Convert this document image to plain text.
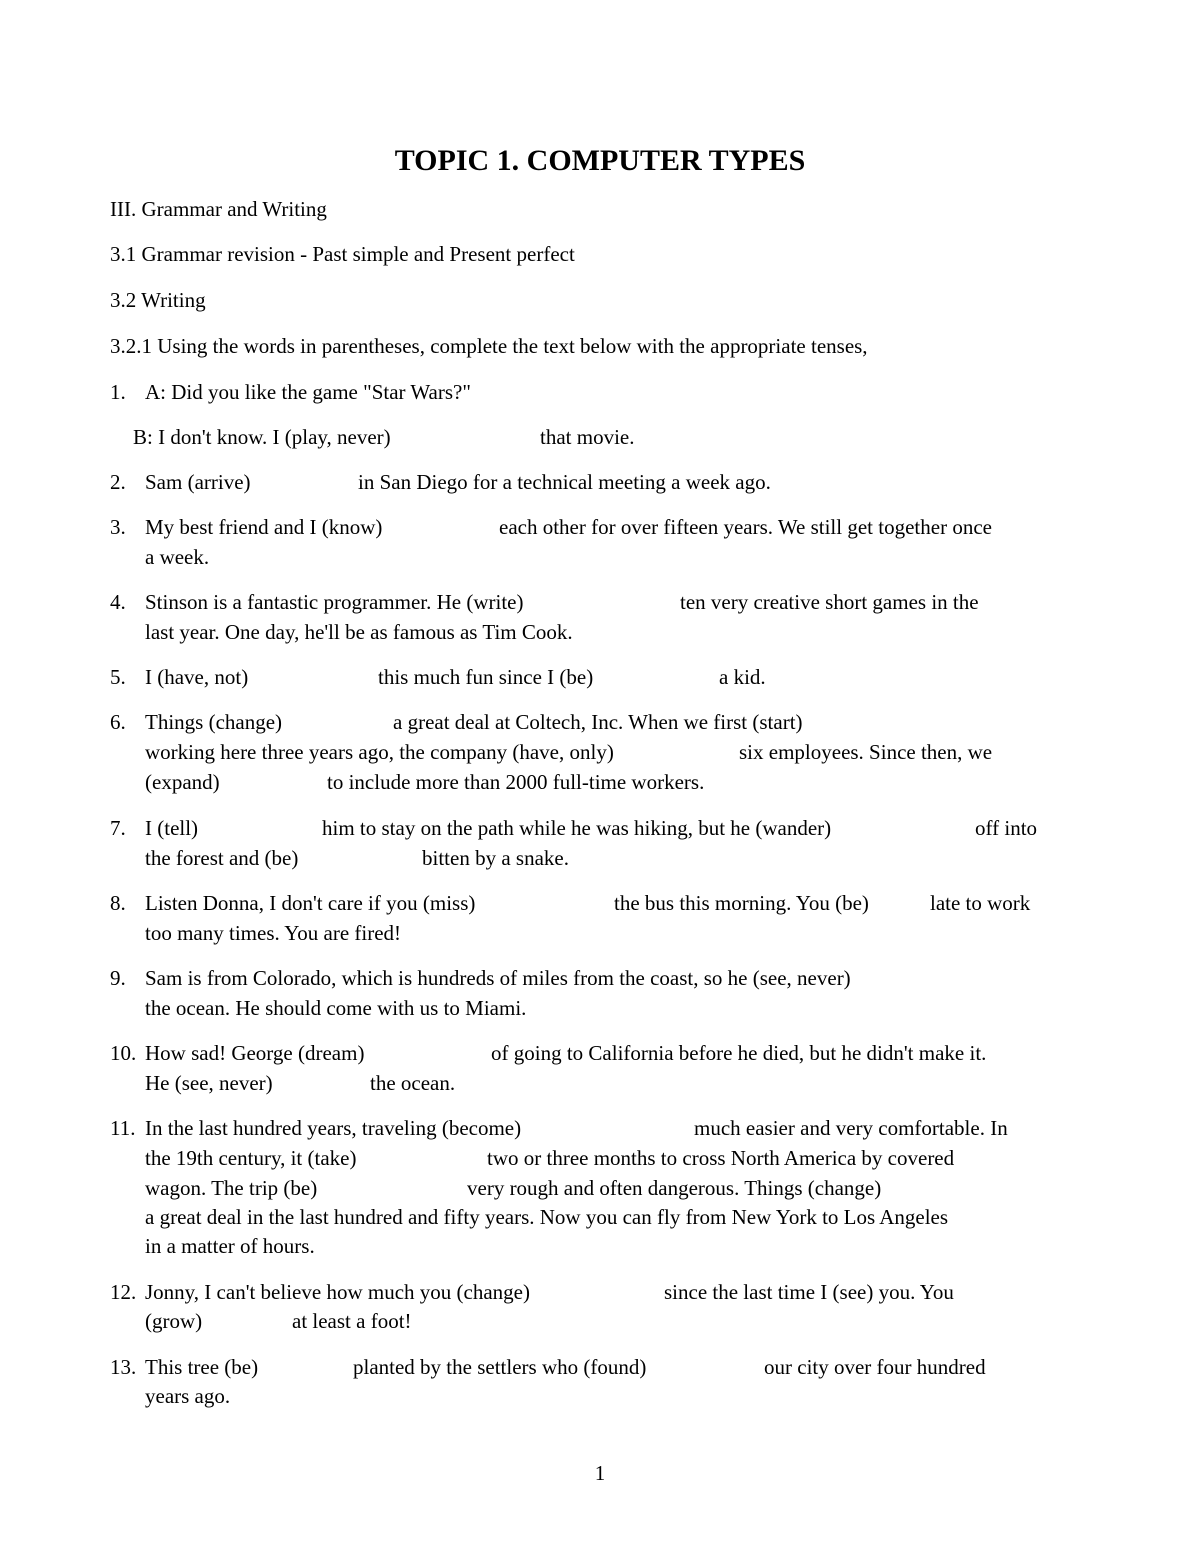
TOPIC 1. COMPUTER TYPES
III. Grammar and Writing
3.1 Grammar revision - Past simple and Present perfect
3.2 Writing
3.2.1 Using the words in parentheses, complete the text below with the appropriate tenses,
1. A: Did you like the game "Star Wars?"
B: I don't know. I (play, never)	that movie.
2. Sam (arrive)	in San Diego for a technical meeting a week ago.
3. My best friend and I (know)	each other for over fifteen years. We still get together once
a week.
4. Stinson is a fantastic programmer. He (write)	ten very creative short games in the
last year. One day, he'll be as famous as Tim Cook.
5. I (have, not)	this much fun since I (be)	a kid.
6. Things (change)	a great deal at Coltech, Inc. When we first (start)
working here three years ago, the company (have, only)	six employees. Since then, we
(expand)	to include more than 2000 full-time workers.
7. I (tell)	him to stay on the path while he was hiking, but he (wander)	off into
the forest and (be)	bitten by a snake.
8. Listen Donna, I don't care if you (miss)	the bus this morning. You (be)	late to work
too many times. You are fired!
9. Sam is from Colorado, which is hundreds of miles from the coast, so he (see, never)
the ocean. He should come with us to Miami.
10. How sad! George (dream)	of going to California before he died, but he didn't make it.
He (see, never)	the ocean.
11. In the last hundred years, traveling (become)	much easier and very comfortable. In
the 19th century, it (take)	two or three months to cross North America by covered
wagon. The trip (be)	very rough and often dangerous. Things (change)
a great deal in the last hundred and fifty years. Now you can fly from New York to Los Angeles
in a matter of hours.
12. Jonny, I can't believe how much you (change)	since the last time I (see) you. You
(grow)	at least a foot!
13. This tree (be)	planted by the settlers who (found)	our city over four hundred
years ago.
1
